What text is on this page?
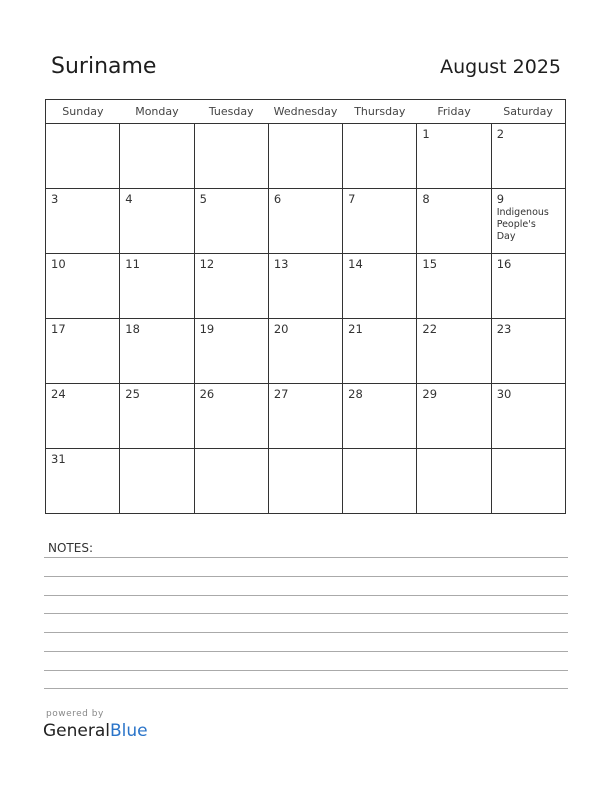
Suriname	August 2025
Sunday	Monday	Tuesday	Wednesday	Thursday	Friday	Saturday

					1	2

3	4	5	6	7	8	9
Indigenous
People's
Day

10	11	12	13	14	15	16

17	18	19	20	21	22	23

24	25	26	27	28	29	30

31						

NOTES:
powered by
GeneralBlue
